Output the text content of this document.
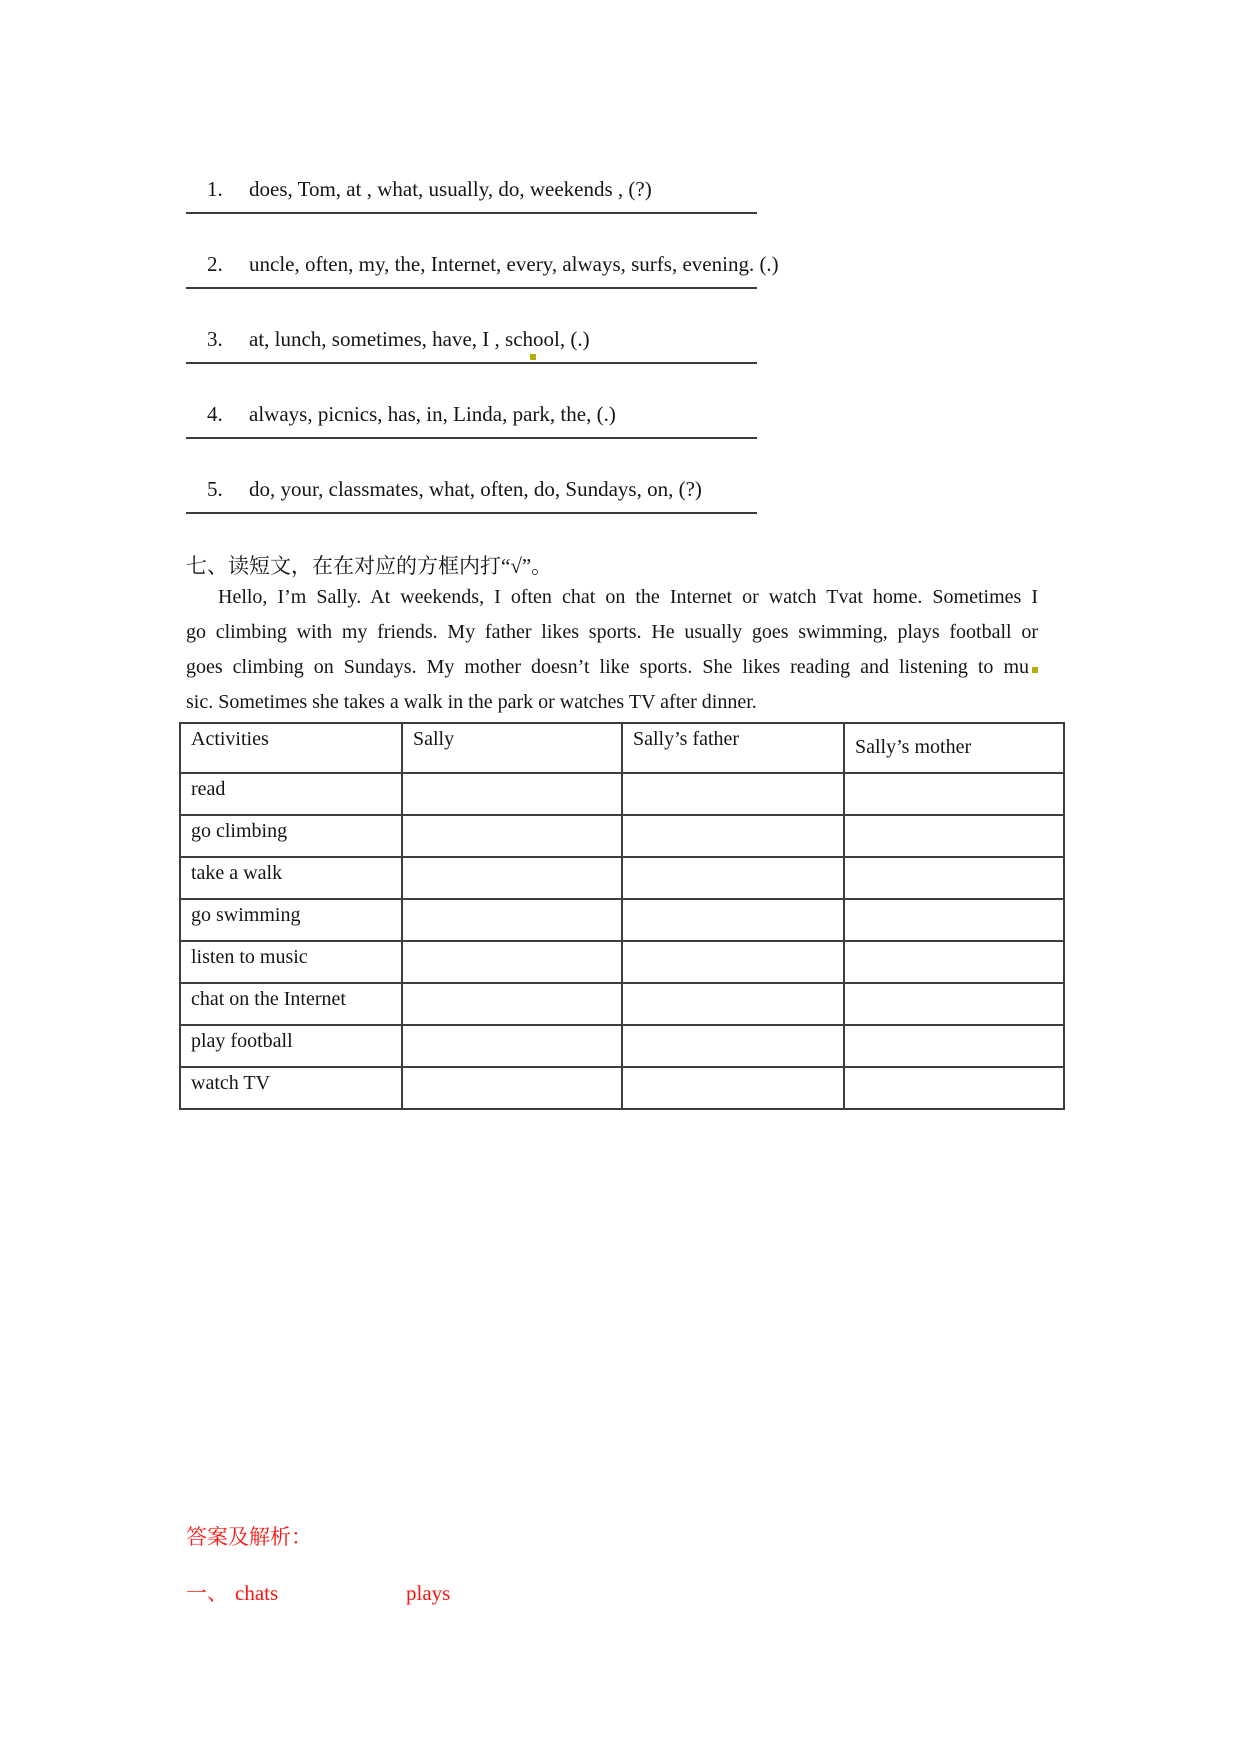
1. does, Tom, at , what, usually, do, weekends , (?)

2. uncle, often, my, the, Internet, every, always, surfs, evening. (.)

3. at, lunch, sometimes, have, I , school, (.)

4. always, picnics, has, in, Linda, park, the, (.)

5. do, your, classmates, what, often, do, Sundays, on, (?)

七、读短文，在在对应的方框内打“√”。
Hello, I’m Sally. At weekends, I often chat on the Internet or watch Tvat home. Sometimes I
go climbing with my friends. My father likes sports. He usually goes swimming, plays football or
goes climbing on Sundays. My mother doesn’t like sports. She likes reading and listening to mu
sic. Sometimes she takes a walk in the park or watches TV after dinner.
Activities	Sally	Sally’s father	Sally’s mother
read			
go climbing			
take a walk			
go swimming			
listen to music			
chat on the Internet			
play football			
watch TV			
答案及解析：
一、 chats	plays
